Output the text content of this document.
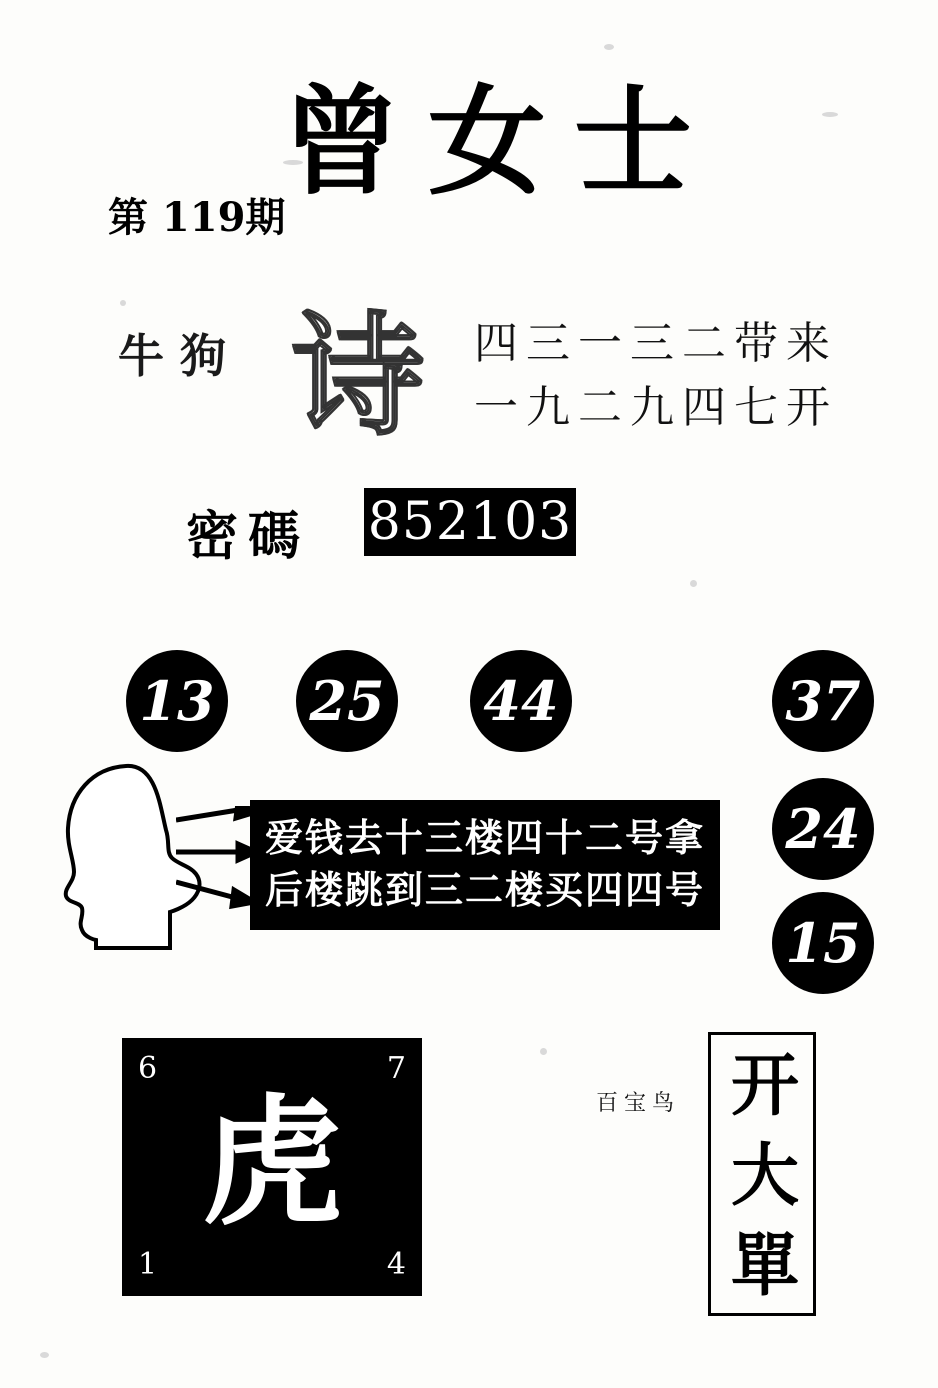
曾女士
第 119期
牛狗 诗 四三一三二带来
一九二九四七开
密碼 852103
13 25 44	37
24
15
爱钱去十三楼四十二号拿
后楼跳到三二楼买四四号
6	7
虎
1	4
百宝鸟 开大單
